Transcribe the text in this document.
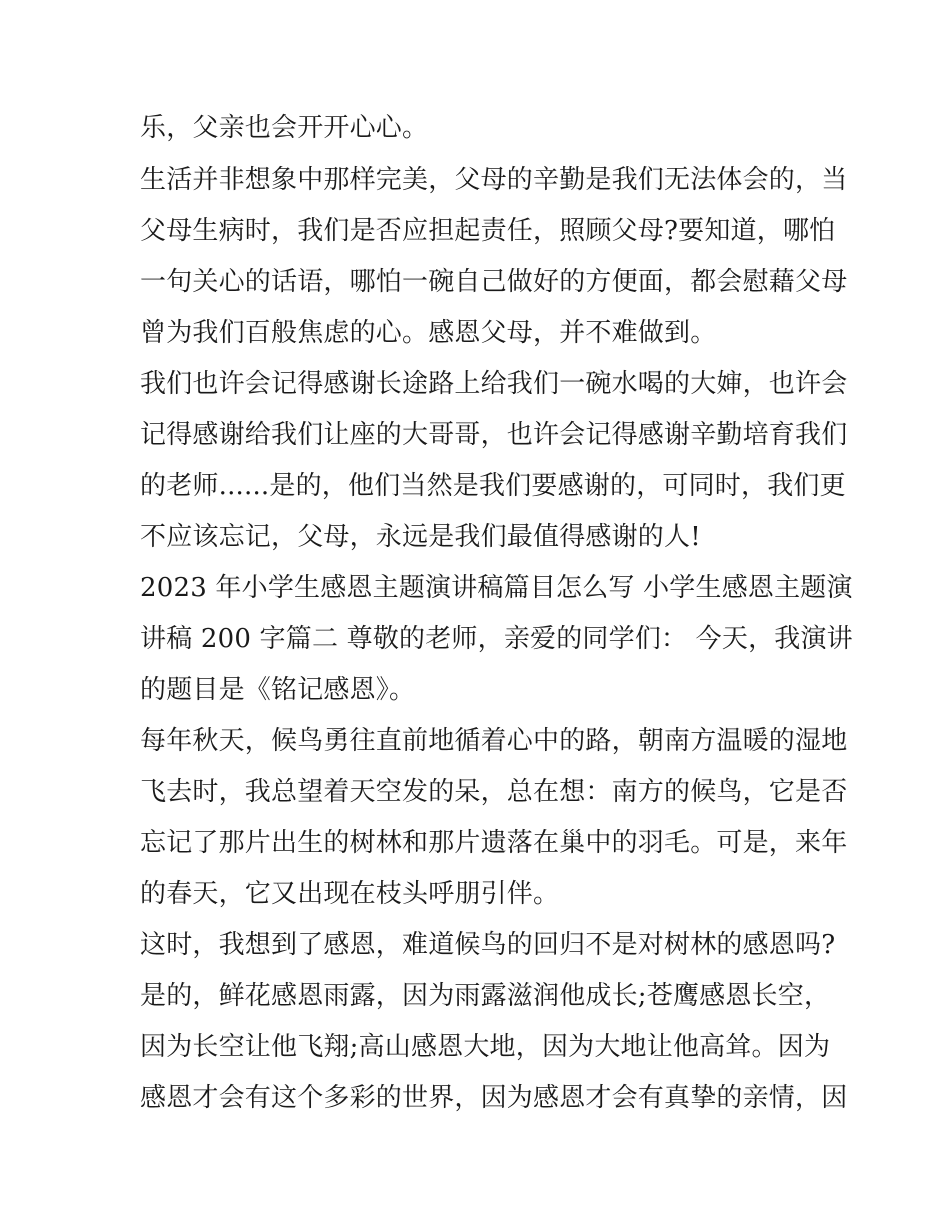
乐，父亲也会开开心心。
生活并非想象中那样完美，父母的辛勤是我们无法体会的，当
父母生病时，我们是否应担起责任，照顾父母?要知道，哪怕
一句关心的话语，哪怕一碗自己做好的方便面，都会慰藉父母
曾为我们百般焦虑的心。感恩父母，并不难做到。
我们也许会记得感谢长途路上给我们一碗水喝的大婶，也许会
记得感谢给我们让座的大哥哥，也许会记得感谢辛勤培育我们
的老师......是的，他们当然是我们要感谢的，可同时，我们更
不应该忘记，父母，永远是我们最值得感谢的人!
2023 年小学生感恩主题演讲稿篇目怎么写 小学生感恩主题演
讲稿 200 字篇二 尊敬的老师，亲爱的同学们： 今天，我演讲
的题目是《铭记感恩》。
每年秋天，候鸟勇往直前地循着心中的路，朝南方温暖的湿地
飞去时，我总望着天空发的呆，总在想：南方的候鸟，它是否
忘记了那片出生的树林和那片遗落在巢中的羽毛。可是，来年
的春天，它又出现在枝头呼朋引伴。
这时，我想到了感恩，难道候鸟的回归不是对树林的感恩吗?
是的，鲜花感恩雨露，因为雨露滋润他成长;苍鹰感恩长空，
因为长空让他飞翔;高山感恩大地，因为大地让他高耸。因为
感恩才会有这个多彩的世界，因为感恩才会有真挚的亲情，因
